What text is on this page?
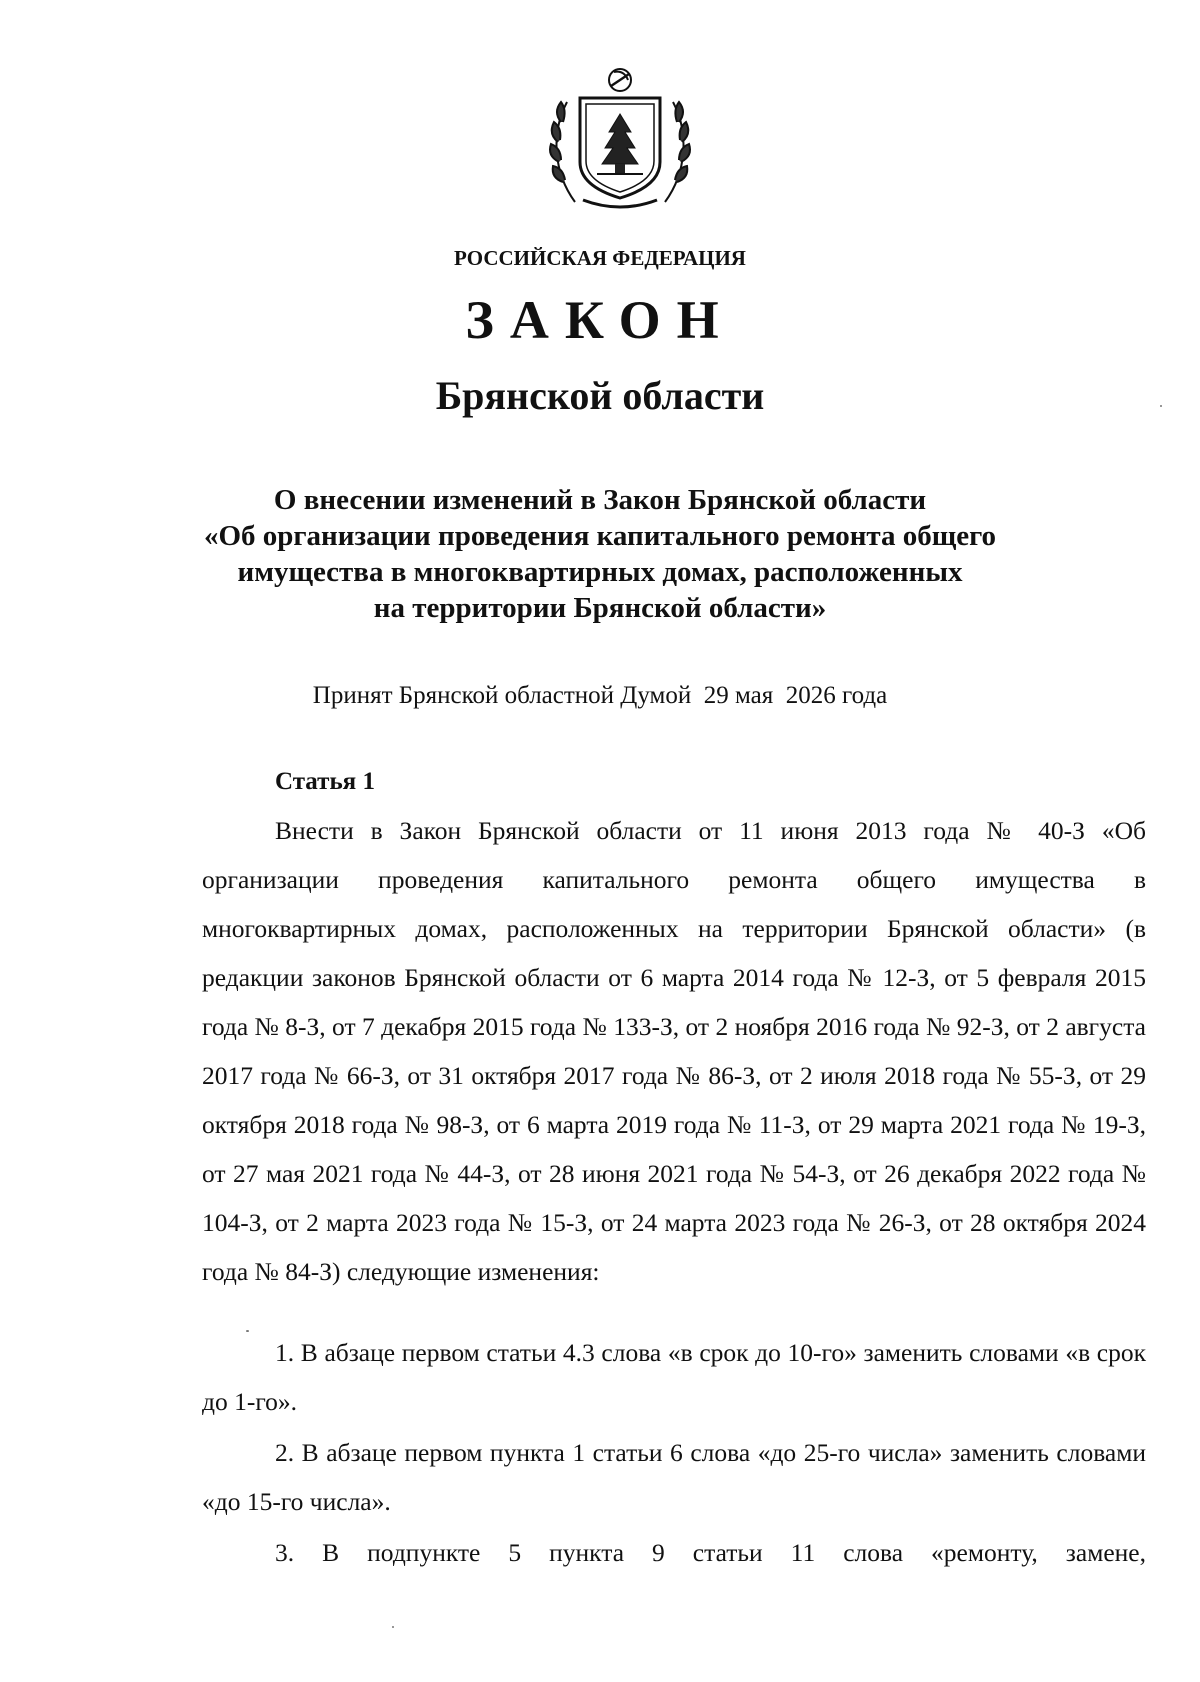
РОССИЙСКАЯ ФЕДЕРАЦИЯ
ЗАКОН
Брянской области
О внесении изменений в Закон Брянской области
«Об организации проведения капитального ремонта общего
имущества в многоквартирных домах, расположенных
на территории Брянской области»
Принят Брянской областной Думой  29 мая  2026 года
Статья 1

Внести в Закон Брянской области от 11 июня 2013 года № 40-З «Об организации проведения капитального ремонта общего имущества в многоквартирных домах, расположенных на территории Брянской области» (в редакции законов Брянской области от 6 марта 2014 года № 12-З, от 5 февраля 2015 года № 8-З, от 7 декабря 2015 года № 133-З, от 2 ноября 2016 года № 92-З, от 2 августа 2017 года № 66-З, от 31 октября 2017 года № 86-З, от 2 июля 2018 года № 55-З, от 29 октября 2018 года № 98-З, от 6 марта 2019 года № 11-З, от 29 марта 2021 года № 19-З, от 27 мая 2021 года № 44-З, от 28 июня 2021 года № 54-З, от 26 декабря 2022 года № 104-З, от 2 марта 2023 года № 15-З, от 24 марта 2023 года № 26-З, от 28 октября 2024 года № 84-З) следующие изменения:

1. В абзаце первом статьи 4.3 слова «в срок до 10-го» заменить словами «в срок до 1-го».

2. В абзаце первом пункта 1 статьи 6 слова «до 25-го числа» заменить словами «до 15-го числа».

3. В подпункте 5 пункта 9 статьи 11 слова «ремонту, замене,
